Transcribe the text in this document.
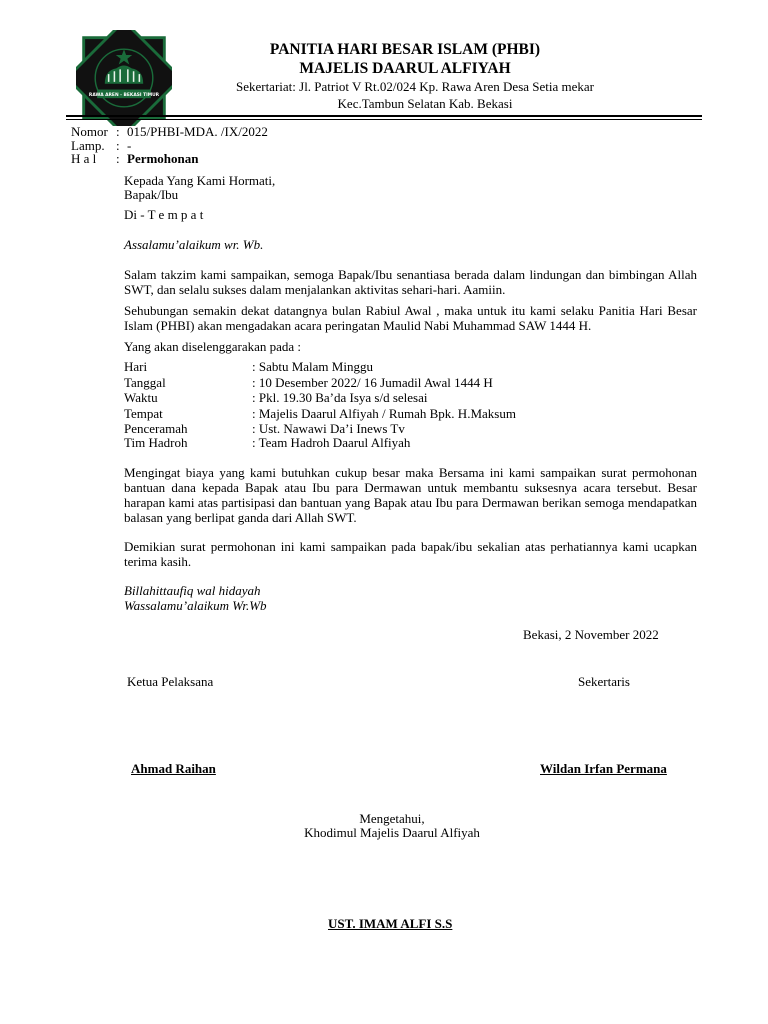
RAWA AREN - BEKASI TIMUR
PANITIA HARI BESAR ISLAM (PHBI)
MAJELIS DAARUL ALFIYAH
Sekertariat: Jl. Patriot V Rt.02/024 Kp. Rawa Aren Desa Setia mekar
Kec.Tambun Selatan Kab. Bekasi
Nomor : 015/PHBI-MDA. /IX/2022
Lamp. : -
H a l : Permohonan
Kepada Yang Kami Hormati,
Bapak/Ibu
Di - T e m p a t
Assalamu’alaikum wr. Wb.
Salam takzim kami sampaikan, semoga Bapak/Ibu senantiasa berada dalam lindungan dan bimbingan Allah SWT, dan selalu sukses dalam menjalankan aktivitas sehari-hari. Aamiin.
Sehubungan semakin dekat datangnya bulan Rabiul Awal , maka untuk itu kami selaku Panitia Hari Besar Islam (PHBI) akan mengadakan acara peringatan Maulid Nabi Muhammad SAW 1444 H.
Yang akan diselenggarakan pada :
Hari	: Sabtu Malam Minggu
Tanggal	: 10 Desember 2022/ 16 Jumadil Awal 1444 H
Waktu	: Pkl. 19.30 Ba’da Isya s/d selesai
Tempat	: Majelis Daarul Alfiyah / Rumah Bpk. H.Maksum
Penceramah	: Ust. Nawawi Da’i Inews Tv
Tim Hadroh	: Team Hadroh Daarul Alfiyah
Mengingat biaya yang kami butuhkan cukup besar maka Bersama ini kami sampaikan surat permohonan bantuan dana kepada Bapak atau Ibu para Dermawan untuk membantu suksesnya acara tersebut. Besar harapan kami atas partisipasi dan bantuan yang Bapak atau Ibu para Dermawan berikan semoga mendapatkan balasan yang berlipat ganda dari Allah SWT.
Demikian surat permohonan ini kami sampaikan pada bapak/ibu sekalian atas perhatiannya kami ucapkan terima kasih.
Billahittaufiq wal hidayah
Wassalamu’alaikum Wr.Wb
Bekasi, 2 November 2022
Ketua Pelaksana	Sekertaris
Ahmad Raihan	Wildan Irfan Permana
Mengetahui,
Khodimul Majelis Daarul Alfiyah
UST. IMAM ALFI S.S
